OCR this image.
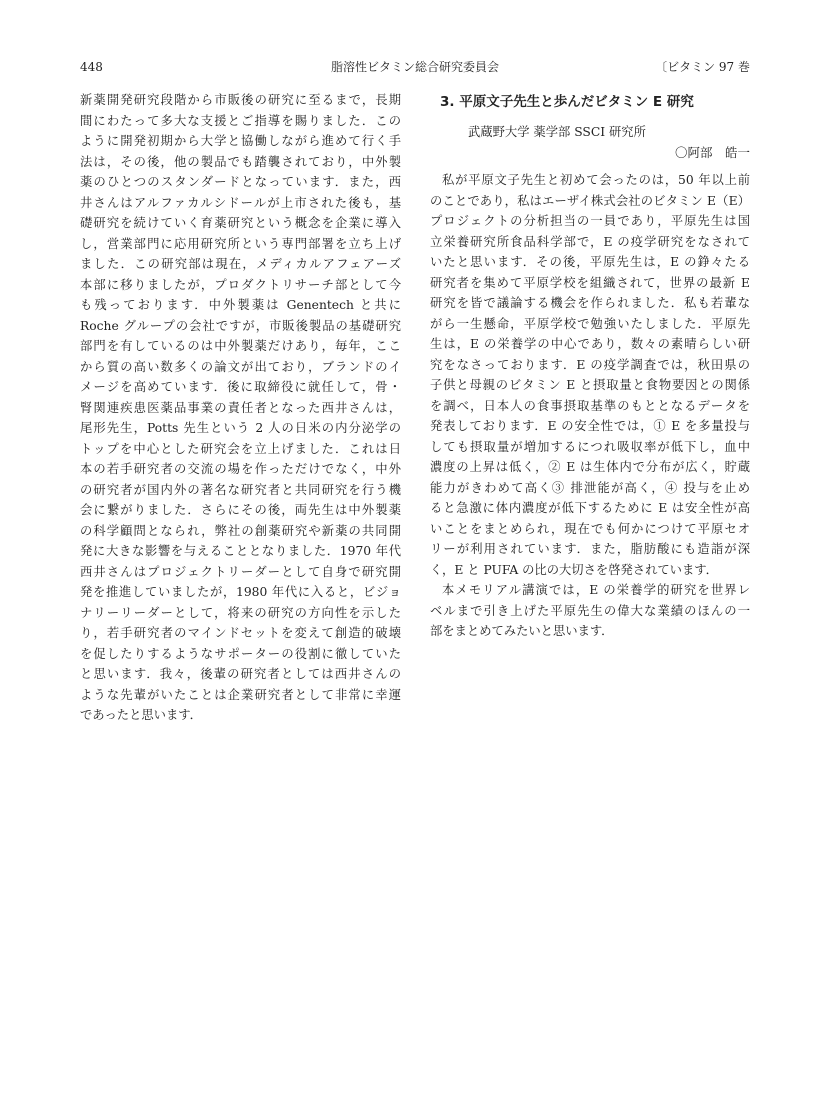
448	脂溶性ビタミン総合研究委員会	〔ビタミン 97 巻
新薬開発研究段階から市販後の研究に至るまで，長期
間にわたって多大な支援とご指導を賜りました．この
ように開発初期から大学と協働しながら進めて行く手
法は，その後，他の製品でも踏襲されており，中外製
薬のひとつのスタンダードとなっています．また，西
井さんはアルファカルシドールが上市された後も，基
礎研究を続けていく育薬研究という概念を企業に導入
し，営業部門に応用研究所という専門部署を立ち上げ
ました．この研究部は現在，メディカルアフェアーズ
本部に移りましたが，プロダクトリサーチ部として今
も残っております．中外製薬は Genentech と共に
Roche グループの会社ですが，市販後製品の基礎研究
部門を有しているのは中外製薬だけあり，毎年，ここ
から質の高い数多くの論文が出ており，ブランドのイ
メージを高めています．後に取締役に就任して，骨・
腎関連疾患医薬品事業の責任者となった西井さんは，
尾形先生，Potts 先生という 2 人の日米の内分泌学の
トップを中心とした研究会を立上げました．これは日
本の若手研究者の交流の場を作っただけでなく，中外
の研究者が国内外の著名な研究者と共同研究を行う機
会に繋がりました．さらにその後，両先生は中外製薬
の科学顧問となられ，弊社の創薬研究や新薬の共同開
発に大きな影響を与えることとなりました．1970 年代
西井さんはプロジェクトリーダーとして自身で研究開
発を推進していましたが，1980 年代に入ると，ビジョ
ナリーリーダーとして，将来の研究の方向性を示した
り，若手研究者のマインドセットを変えて創造的破壊
を促したりするようなサポーターの役割に徹していた
と思います．我々，後輩の研究者としては西井さんの
ような先輩がいたことは企業研究者として非常に幸運
であったと思います．
3. 平原文子先生と歩んだビタミン E 研究
武蔵野大学 薬学部 SSCI 研究所
〇阿部　皓一
私が平原文子先生と初めて会ったのは，50 年以上前
のことであり，私はエーザイ株式会社のビタミン E（E）
プロジェクトの分析担当の一員であり，平原先生は国
立栄養研究所食品科学部で，E の疫学研究をなされて
いたと思います．その後，平原先生は，E の錚々たる
研究者を集めて平原学校を組織されて，世界の最新 E
研究を皆で議論する機会を作られました．私も若輩な
がら一生懸命，平原学校で勉強いたしました．平原先
生は，E の栄養学の中心であり，数々の素晴らしい研
究をなさっております．E の疫学調査では，秋田県の
子供と母親のビタミン E と摂取量と食物要因との関係
を調べ，日本人の食事摂取基準のもととなるデータを
発表しております．E の安全性では，① E を多量投与
しても摂取量が増加するにつれ吸収率が低下し，血中
濃度の上昇は低く，② E は生体内で分布が広く，貯蔵
能力がきわめて高く③ 排泄能が高く，④ 投与を止め
ると急激に体内濃度が低下するために E は安全性が高
いことをまとめられ，現在でも何かにつけて平原セオ
リーが利用されています．また，脂肪酸にも造詣が深
く，E と PUFA の比の大切さを啓発されています．
本メモリアル講演では，E の栄養学的研究を世界レ
ベルまで引き上げた平原先生の偉大な業績のほんの一
部をまとめてみたいと思います．
